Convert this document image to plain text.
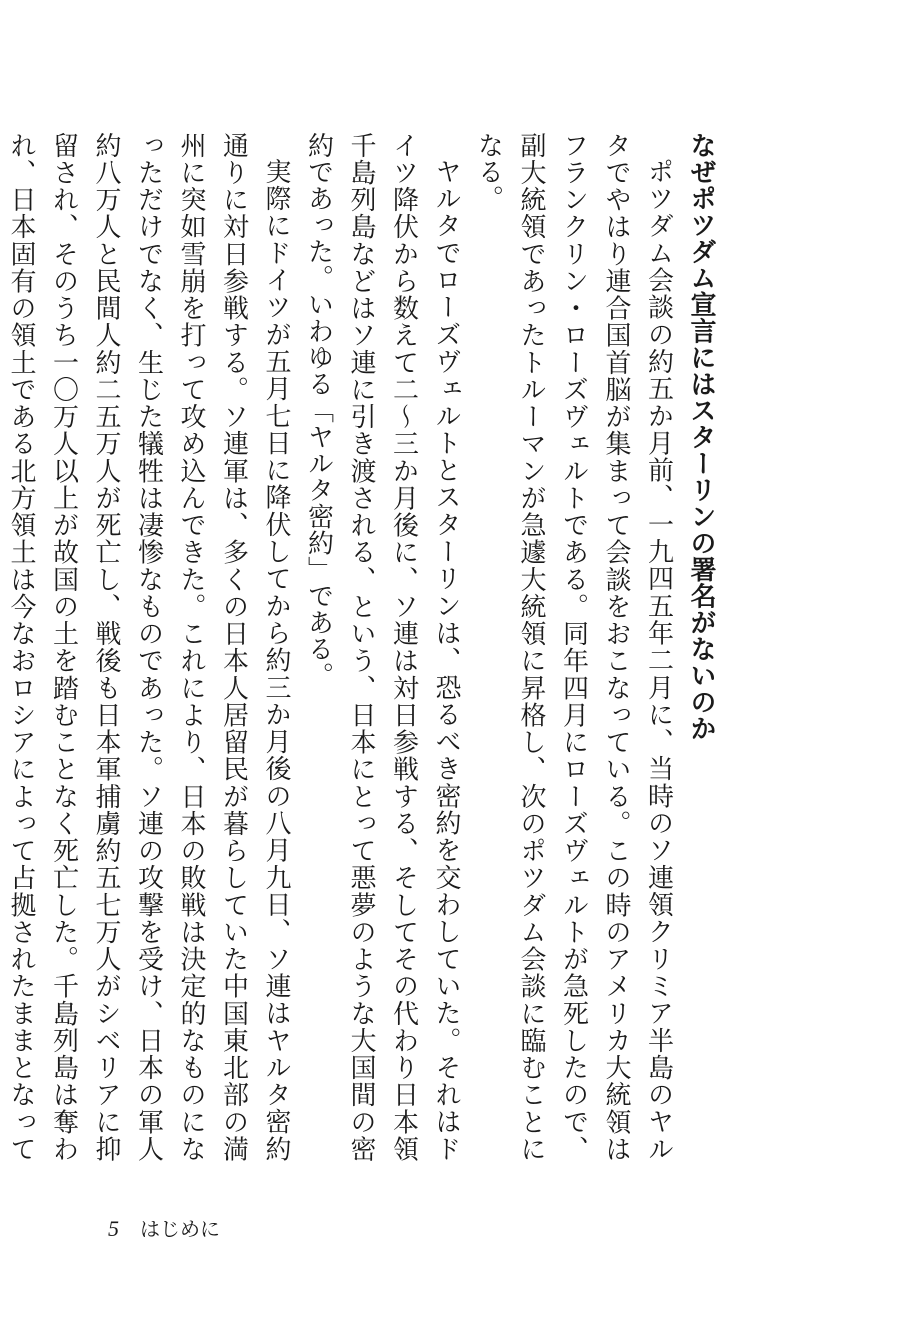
なぜポツダム宣言にはスターリンの署名がないのか

ポツダム会談の約五か月前、一九四五年二月に、当時のソ連領クリミア半島のヤルタでやはり連合国首脳が集まって会談をおこなっている。この時のアメリカ大統領はフランクリン・ローズヴェルトである。同年四月にローズヴェルトが急死したので、副大統領であったトルーマンが急遽大統領に昇格し、次のポツダム会談に臨むことになる。

ヤルタでローズヴェルトとスターリンは、恐るべき密約を交わしていた。それはドイツ降伏から数えて二〜三か月後に、ソ連は対日参戦する、そしてその代わり日本領千島列島などはソ連に引き渡される、という、日本にとって悪夢のような大国間の密約であった。いわゆる「ヤルタ密約」である。

実際にドイツが五月七日に降伏してから約三か月後の八月九日、ソ連はヤルタ密約通りに対日参戦する。ソ連軍は、多くの日本人居留民が暮らしていた中国東北部の満州に突如雪崩を打って攻め込んできた。これにより、日本の敗戦は決定的なものになっただけでなく、生じた犠牲は凄惨なものであった。ソ連の攻撃を受け、日本の軍人約八万人と民間人約二五万人が死亡し、戦後も日本軍捕虜約五七万人がシベリアに抑留され、そのうち一〇万人以上が故国の土を踏むことなく死亡した。千島列島は奪われ、日本固有の領土である北方領土は今なおロシアによって占拠されたままとなって

5 はじめに
